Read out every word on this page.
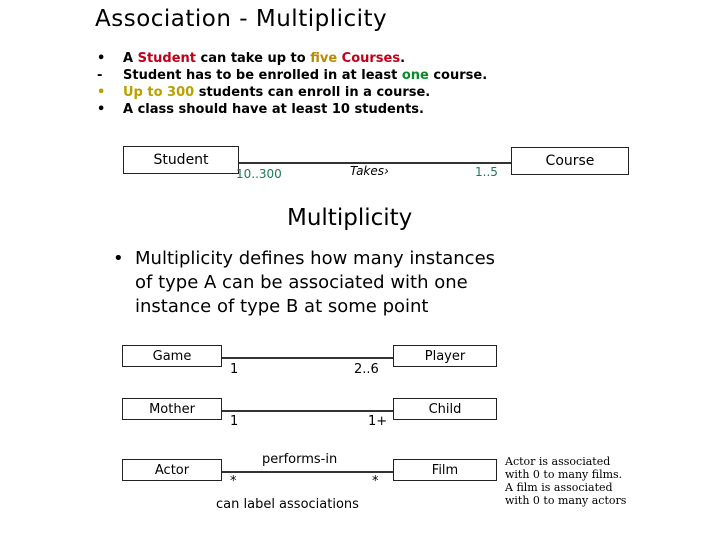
Association - Multiplicity
• A Student can take up to five Courses.
- Student has to be enrolled in at least one course.
• Up to 300 students can enroll in a course.
• A class should have at least 10 students.
Student	Course
10..300	Takes›	1..5
Multiplicity
• Multiplicity defines how many instances
of type A can be associated with one
instance of type B at some point
Game	Player
1	2..6
Mother	Child
1	1+
Actor	Film
performs-in
*	*
can label associations
Actor is associated
with 0 to many films.
A film is associated
with 0 to many actors
